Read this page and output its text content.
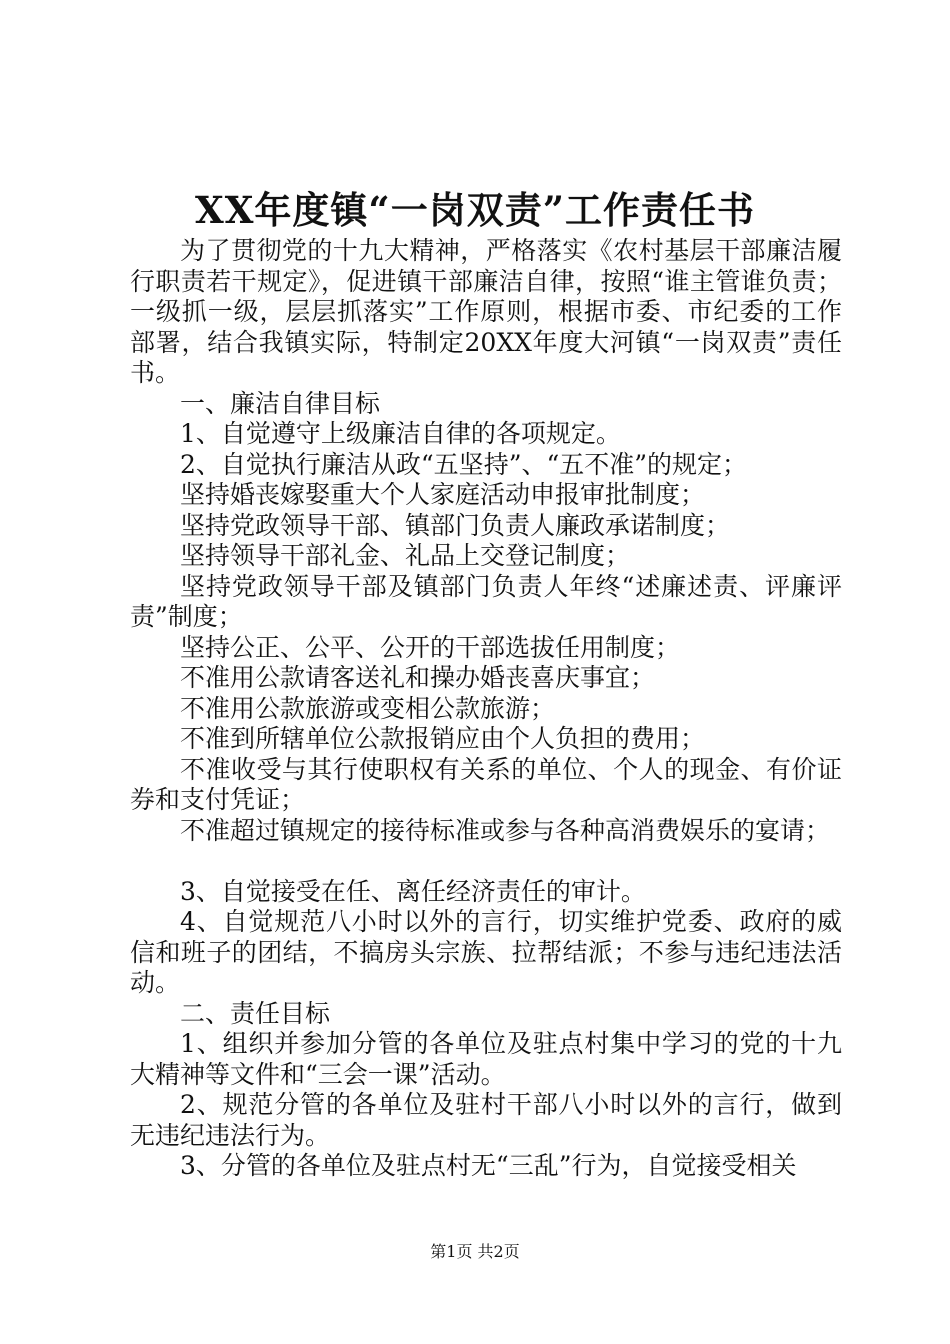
XX年度镇“一岗双责”工作责任书

为了贯彻党的十九大精神，严格落实《农村基层干部廉洁履行职责若干规定》，促进镇干部廉洁自律，按照“谁主管谁负责；一级抓一级，层层抓落实”工作原则，根据市委、市纪委的工作部署，结合我镇实际，特制定20XX年度大河镇“一岗双责”责任书。

一、廉洁自律目标

1、自觉遵守上级廉洁自律的各项规定。

2、自觉执行廉洁从政“五坚持”、“五不准”的规定；

坚持婚丧嫁娶重大个人家庭活动申报审批制度；

坚持党政领导干部、镇部门负责人廉政承诺制度；

坚持领导干部礼金、礼品上交登记制度；

坚持党政领导干部及镇部门负责人年终“述廉述责、评廉评责”制度；

坚持公正、公平、公开的干部选拔任用制度；

不准用公款请客送礼和操办婚丧喜庆事宜；

不准用公款旅游或变相公款旅游；

不准到所辖单位公款报销应由个人负担的费用；

不准收受与其行使职权有关系的单位、个人的现金、有价证券和支付凭证；

不准超过镇规定的接待标准或参与各种高消费娱乐的宴请；

3、自觉接受在任、离任经济责任的审计。

4、自觉规范八小时以外的言行，切实维护党委、政府的威信和班子的团结，不搞房头宗族、拉帮结派；不参与违纪违法活动。

二、责任目标

1、组织并参加分管的各单位及驻点村集中学习的党的十九大精神等文件和“三会一课”活动。

2、规范分管的各单位及驻村干部八小时以外的言行，做到无违纪违法行为。

3、分管的各单位及驻点村无“三乱”行为，自觉接受相关

第1页 共2页
